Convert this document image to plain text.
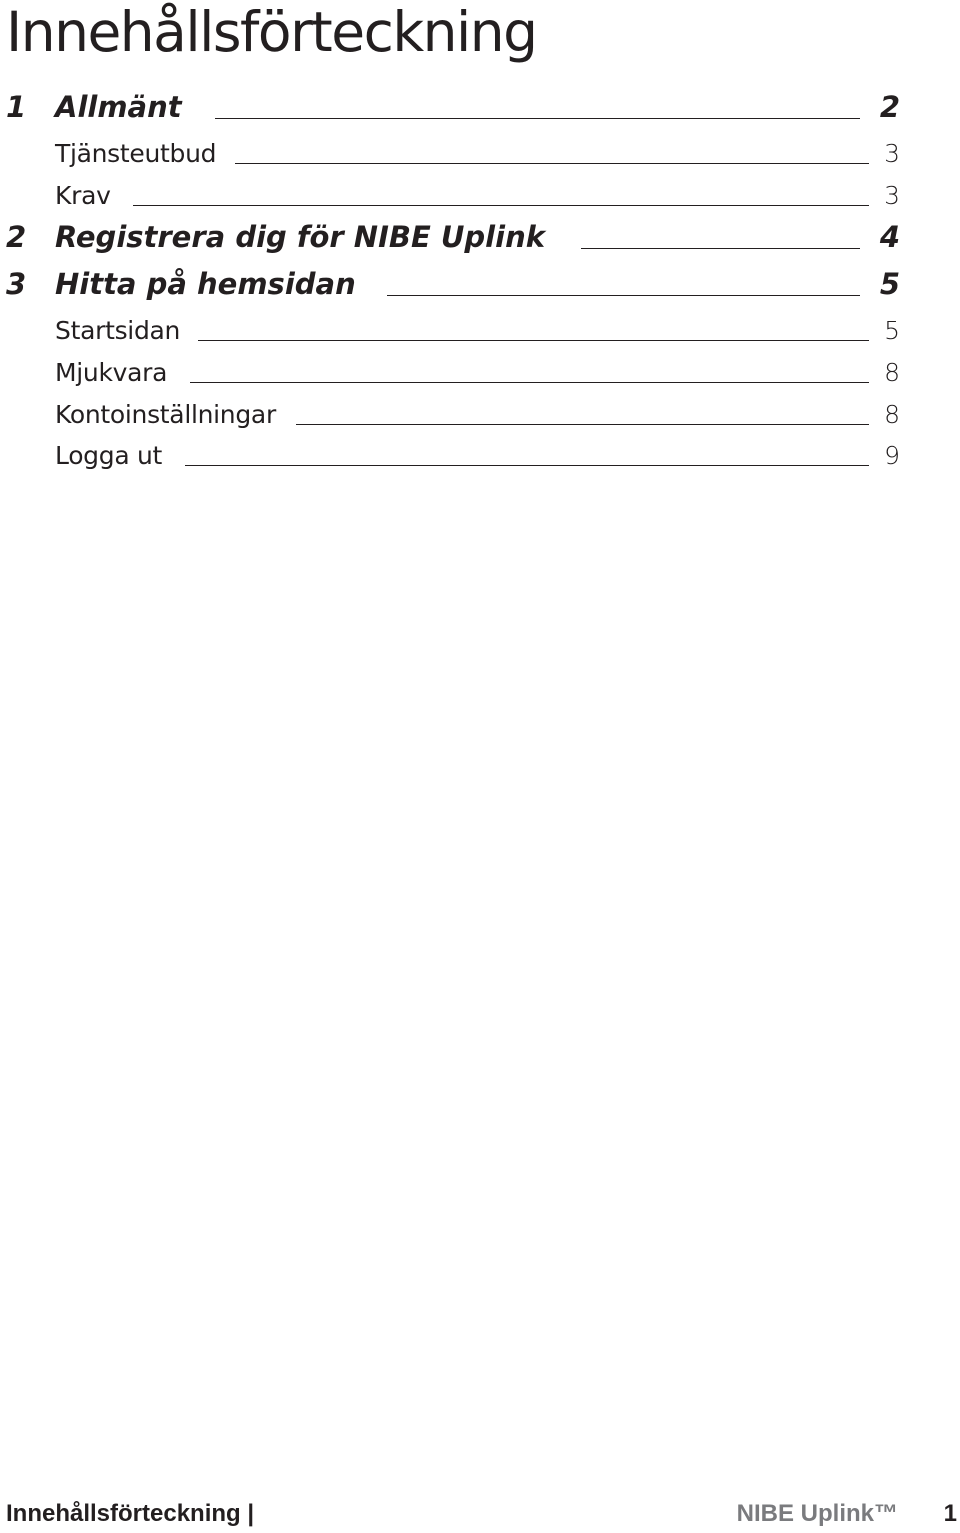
Innehållsförteckning
1 Allmänt	2
Tjänsteutbud	3
Krav	3
2 Registrera dig för NIBE Uplink	4
3 Hitta på hemsidan	5
Startsidan	5
Mjukvara	8
Kontoinställningar	8
Logga ut	9
Innehållsförteckning |	NIBE Uplink™ 1
